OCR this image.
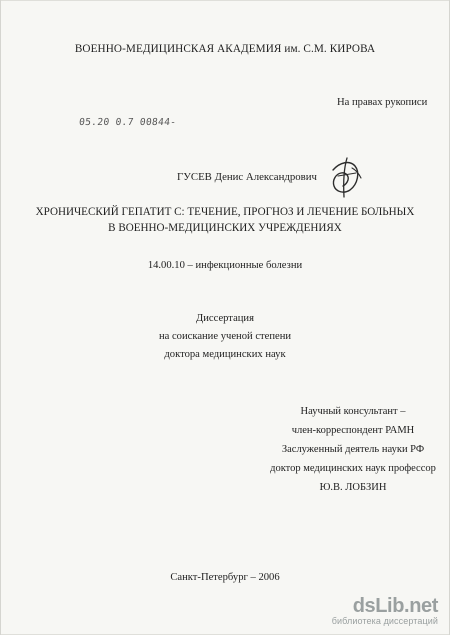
ВОЕННО-МЕДИЦИНСКАЯ АКАДЕМИЯ им. С.М. КИРОВА
На правах рукописи
05.20 0.7 00844-
ГУСЕВ Денис Александрович
ХРОНИЧЕСКИЙ ГЕПАТИТ С: ТЕЧЕНИЕ, ПРОГНОЗ И ЛЕЧЕНИЕ БОЛЬНЫХ
В ВОЕННО-МЕДИЦИНСКИХ УЧРЕЖДЕНИЯХ
14.00.10 – инфекционные болезни
Диссертация
на соискание ученой степени
доктора медицинских наук
Научный консультант –
член-корреспондент РАМН
Заслуженный деятель науки РФ
доктор медицинских наук профессор
Ю.В. ЛОБЗИН
Санкт-Петербург – 2006
dsLib.net
библиотека диссертаций
